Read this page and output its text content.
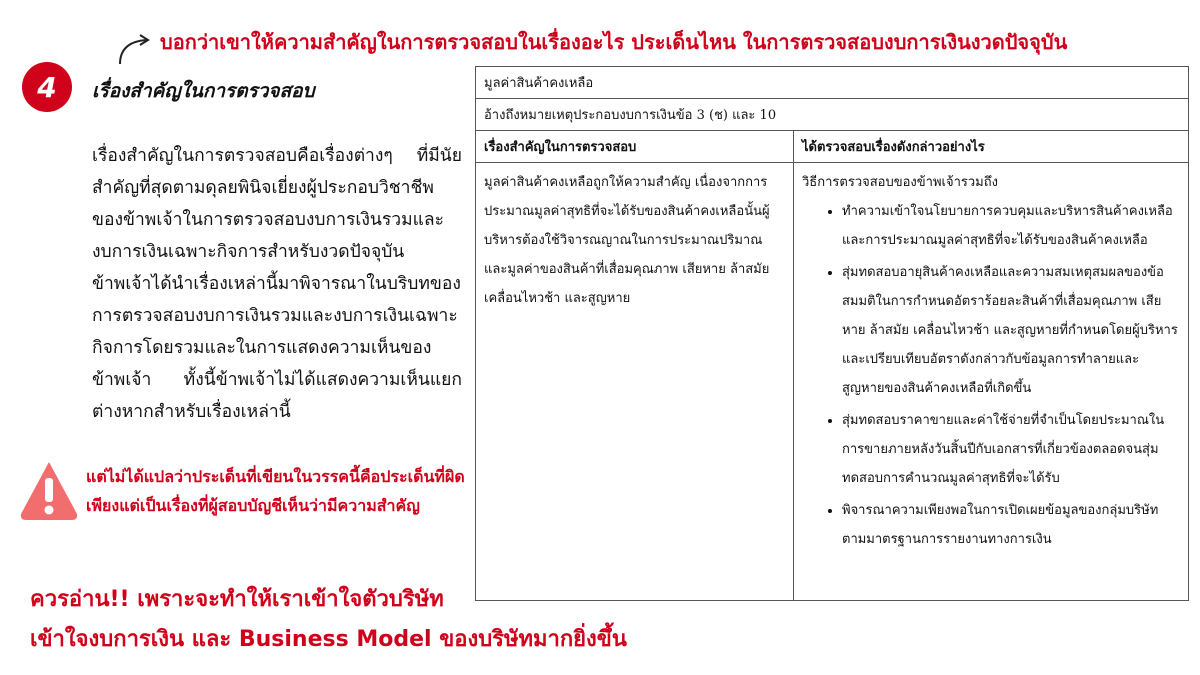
บอกว่าเขาให้ความสำคัญในการตรวจสอบในเรื่องอะไร ประเด็นไหน ในการตรวจสอบงบการเงินงวดปัจจุบัน
4	เรื่องสำคัญในการตรวจสอบ
เรื่องสำคัญในการตรวจสอบคือเรื่องต่างๆ ที่มีนัยสำคัญที่สุดตามดุลยพินิจเยี่ยงผู้ประกอบวิชาชีพของข้าพเจ้าในการตรวจสอบงบการเงินรวมและงบการเงินเฉพาะกิจการสำหรับงวดปัจจุบัน ข้าพเจ้าได้นำเรื่องเหล่านี้มาพิจารณาในบริบทของการตรวจสอบงบการเงินรวมและงบการเงินเฉพาะกิจการโดยรวมและในการแสดงความเห็นของข้าพเจ้า ทั้งนี้ข้าพเจ้าไม่ได้แสดงความเห็นแยกต่างหากสำหรับเรื่องเหล่านี้
แต่ไม่ได้แปลว่าประเด็นที่เขียนในวรรคนี้คือประเด็นที่ผิด เพียงแต่เป็นเรื่องที่ผู้สอบบัญชีเห็นว่ามีความสำคัญ
ควรอ่าน!! เพราะจะทำให้เราเข้าใจตัวบริษัท
เข้าใจงบการเงิน และ Business Model ของบริษัทมากยิ่งขึ้น
มูลค่าสินค้าคงเหลือ
อ้างถึงหมายเหตุประกอบงบการเงินข้อ 3 (ช) และ 10
เรื่องสำคัญในการตรวจสอบ	ได้ตรวจสอบเรื่องดังกล่าวอย่างไร
มูลค่าสินค้าคงเหลือถูกให้ความสำคัญ เนื่องจากการประมาณมูลค่าสุทธิที่จะได้รับของสินค้าคงเหลือนั้นผู้บริหารต้องใช้วิจารณญาณในการประมาณปริมาณและมูลค่าของสินค้าที่เสื่อมคุณภาพ เสียหาย ล้าสมัย เคลื่อนไหวช้า และสูญหาย
วิธีการตรวจสอบของข้าพเจ้ารวมถึง
• ทำความเข้าใจนโยบายการควบคุมและบริหารสินค้าคงเหลือ และการประมาณมูลค่าสุทธิที่จะได้รับของสินค้าคงเหลือ
• สุ่มทดสอบอายุสินค้าคงเหลือและความสมเหตุสมผลของข้อสมมติในการกำหนดอัตราร้อยละสินค้าที่เสื่อมคุณภาพ เสียหาย ล้าสมัย เคลื่อนไหวช้า และสูญหายที่กำหนดโดยผู้บริหาร และเปรียบเทียบอัตราดังกล่าวกับข้อมูลการทำลายและสูญหายของสินค้าคงเหลือที่เกิดขึ้น
• สุ่มทดสอบราคาขายและค่าใช้จ่ายที่จำเป็นโดยประมาณในการขายภายหลังวันสิ้นปีกับเอกสารที่เกี่ยวข้องตลอดจนสุ่มทดสอบการคำนวณมูลค่าสุทธิที่จะได้รับ
• พิจารณาความเพียงพอในการเปิดเผยข้อมูลของกลุ่มบริษัทตามมาตรฐานการรายงานทางการเงิน
